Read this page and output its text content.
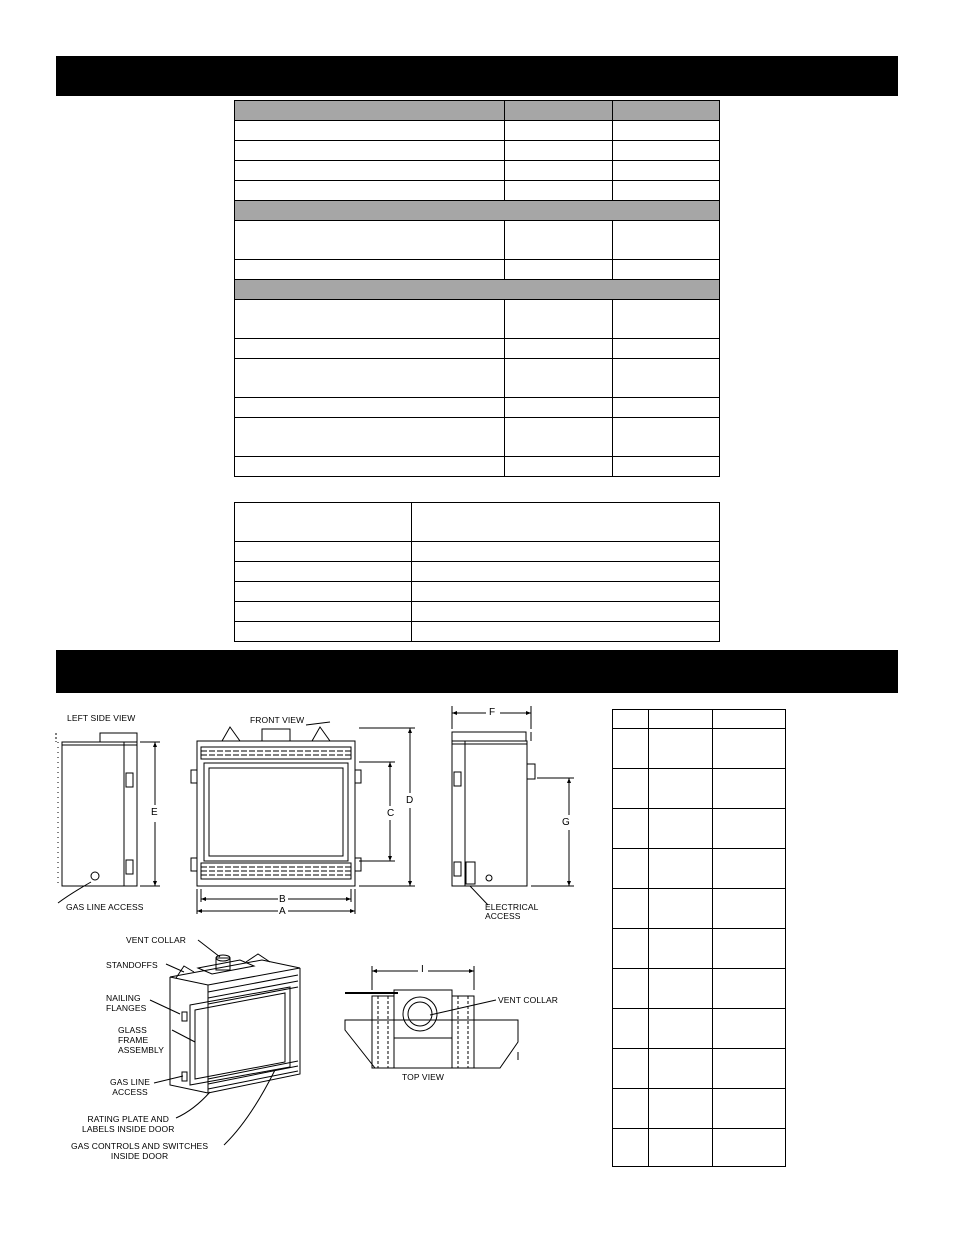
LEFT SIDE VIEW	FRONT VIEW
GAS LINE ACCESS	ELECTRICAL
ACCESS
VENT COLLAR
STANDOFFS
NAILING
FLANGES
GLASS
FRAME
ASSEMBLY
GAS LINE
ACCESS
RATING PLATE AND
LABELS INSIDE DOOR
GAS CONTROLS AND SWITCHES
INSIDE DOOR
TOP VIEW
VENT COLLAR
E	C
D
B
A
F
G
I
